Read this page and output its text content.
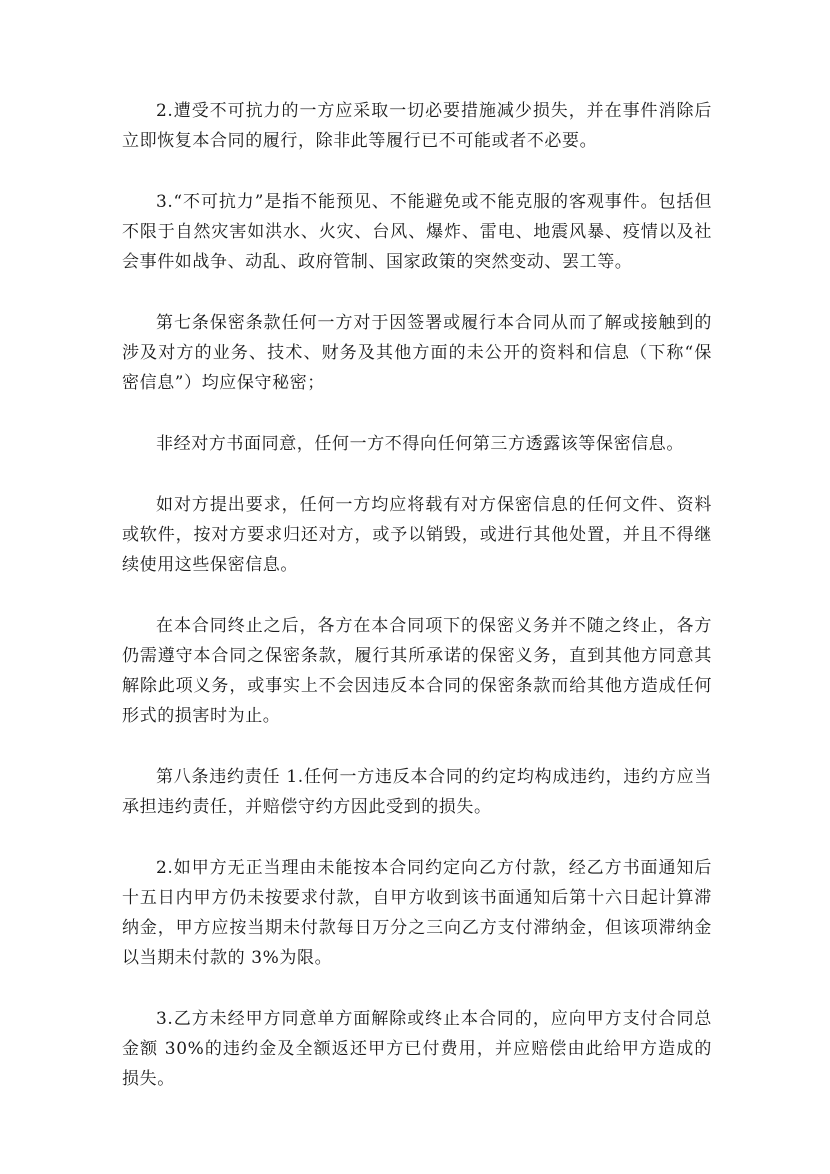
2.遭受不可抗力的一方应采取一切必要措施减少损失，并在事件消除后立即恢复本合同的履行，除非此等履行已不可能或者不必要。

3.“不可抗力”是指不能预见、不能避免或不能克服的客观事件。包括但不限于自然灾害如洪水、火灾、台风、爆炸、雷电、地震风暴、疫情以及社会事件如战争、动乱、政府管制、国家政策的突然变动、罢工等。

第七条保密条款任何一方对于因签署或履行本合同从而了解或接触到的涉及对方的业务、技术、财务及其他方面的未公开的资料和信息（下称“保密信息”）均应保守秘密；

非经对方书面同意，任何一方不得向任何第三方透露该等保密信息。

如对方提出要求，任何一方均应将载有对方保密信息的任何文件、资料或软件，按对方要求归还对方，或予以销毁，或进行其他处置，并且不得继续使用这些保密信息。

在本合同终止之后，各方在本合同项下的保密义务并不随之终止，各方仍需遵守本合同之保密条款，履行其所承诺的保密义务，直到其他方同意其解除此项义务，或事实上不会因违反本合同的保密条款而给其他方造成任何形式的损害时为止。

第八条违约责任 1.任何一方违反本合同的约定均构成违约，违约方应当承担违约责任，并赔偿守约方因此受到的损失。

2.如甲方无正当理由未能按本合同约定向乙方付款，经乙方书面通知后十五日内甲方仍未按要求付款，自甲方收到该书面通知后第十六日起计算滞纳金，甲方应按当期未付款每日万分之三向乙方支付滞纳金，但该项滞纳金以当期未付款的 3%为限。

3.乙方未经甲方同意单方面解除或终止本合同的，应向甲方支付合同总金额 30%的违约金及全额返还甲方已付费用，并应赔偿由此给甲方造成的损失。
